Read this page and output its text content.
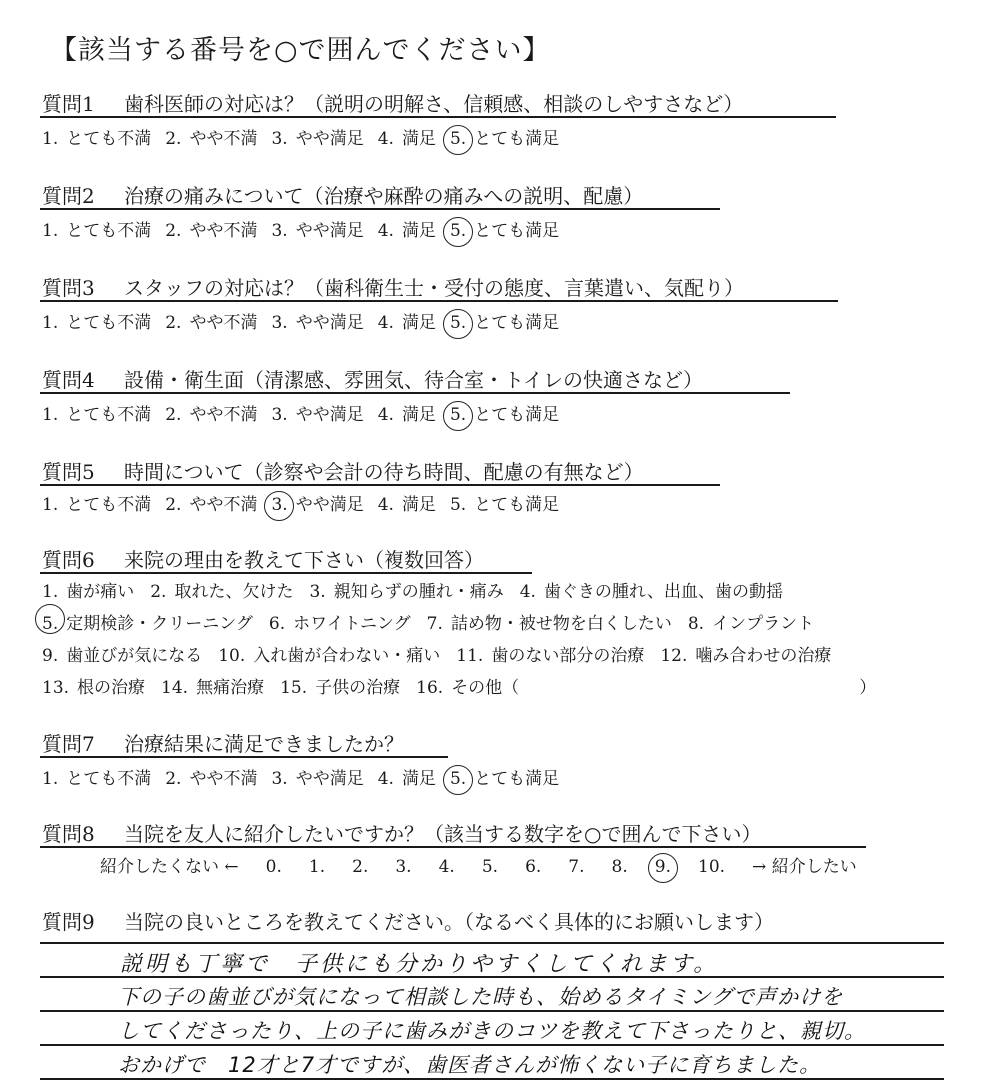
【該当する番号を○で囲んでください】
質問1 歯科医師の対応は？（説明の明解さ、信頼感、相談のしやすさなど）
1. とても不満 2. やや不満 3. やや満足 4. 満足 5. とても満足
質問2 治療の痛みについて（治療や麻酔の痛みへの説明、配慮）
1. とても不満 2. やや不満 3. やや満足 4. 満足 5. とても満足
質問3 スタッフの対応は？（歯科衛生士・受付の態度、言葉遣い、気配り）
1. とても不満 2. やや不満 3. やや満足 4. 満足 5. とても満足
質問4 設備・衛生面（清潔感、雰囲気、待合室・トイレの快適さなど）
1. とても不満 2. やや不満 3. やや満足 4. 満足 5. とても満足
質問5 時間について（診察や会計の待ち時間、配慮の有無など）
1. とても不満 2. やや不満 3. やや満足 4. 満足 5. とても満足
質問6 来院の理由を教えて下さい（複数回答）
1. 歯が痛い 2. 取れた、欠けた 3. 親知らずの腫れ・痛み 4. 歯ぐきの腫れ、出血、歯の動揺
5. 定期検診・クリーニング 6. ホワイトニング 7. 詰め物・被せ物を白くしたい 8. インプラント
9. 歯並びが気になる 10. 入れ歯が合わない・痛い 11. 歯のない部分の治療 12. 噛み合わせの治療
13. 根の治療 14. 無痛治療 15. 子供の治療 16. その他（	）

質問7 治療結果に満足できましたか？
1. とても不満 2. やや不満 3. やや満足 4. 満足 5. とても満足
質問8 当院を友人に紹介したいですか？（該当する数字を○で囲んで下さい）
紹介したくない ← 0. 1. 2. 3. 4. 5. 6. 7. 8. 9. 10. → 紹介したい
質問9 当院の良いところを教えてください。（なるべく具体的にお願いします）
説明も丁寧で　子供にも分かりやすくしてくれます。
下の子の歯並びが気になって相談した時も、始めるタイミングで声かけを
してくださったり、上の子に歯みがきのコツを教えて下さったりと、親切。
おかげで　12才と7才ですが、歯医者さんが怖くない子に育ちました。
